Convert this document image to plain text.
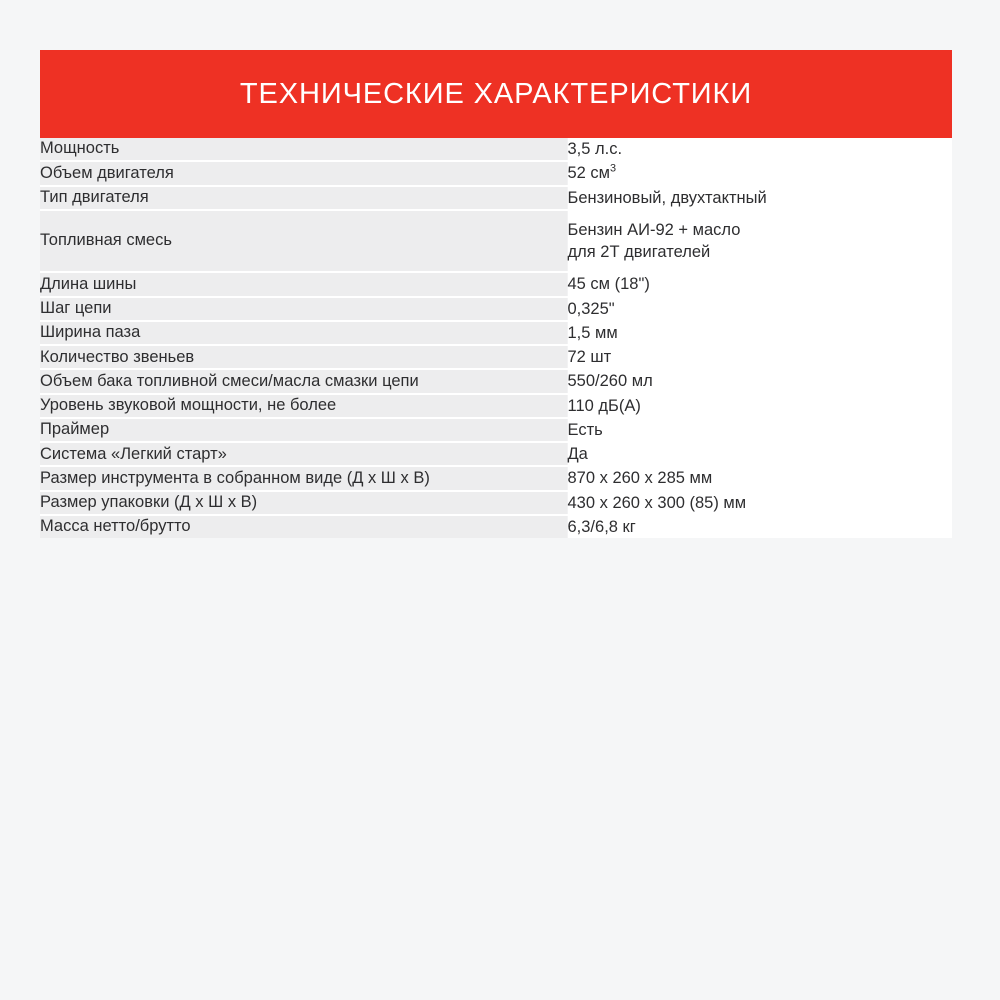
ТЕХНИЧЕСКИЕ ХАРАКТЕРИСТИКИ
Мощность	3,5 л.с.
Объем двигателя	52 $см^3$
Тип двигателя	Бензиновый, двухтактный
Топливная смесь	Бензин АИ-92 + масло
для 2Т двигателей

Длина шины	45 см (18")
Шаг цепи	0,325"
Ширина паза	1,5 мм
Количество звеньев	72 шт
Объем бака топливной смеси/масла смазки цепи	550/260 мл
Уровень звуковой мощности, не более	110 дБ(А)
Праймер	Есть
Система «Легкий старт»	Да
Размер инструмента в собранном виде (Д х Ш х В)	870 x 260 x 285 мм
Размер упаковки (Д х Ш х В)	430 x 260 x 300 (85) мм
Масса нетто/брутто	6,3/6,8 кг
